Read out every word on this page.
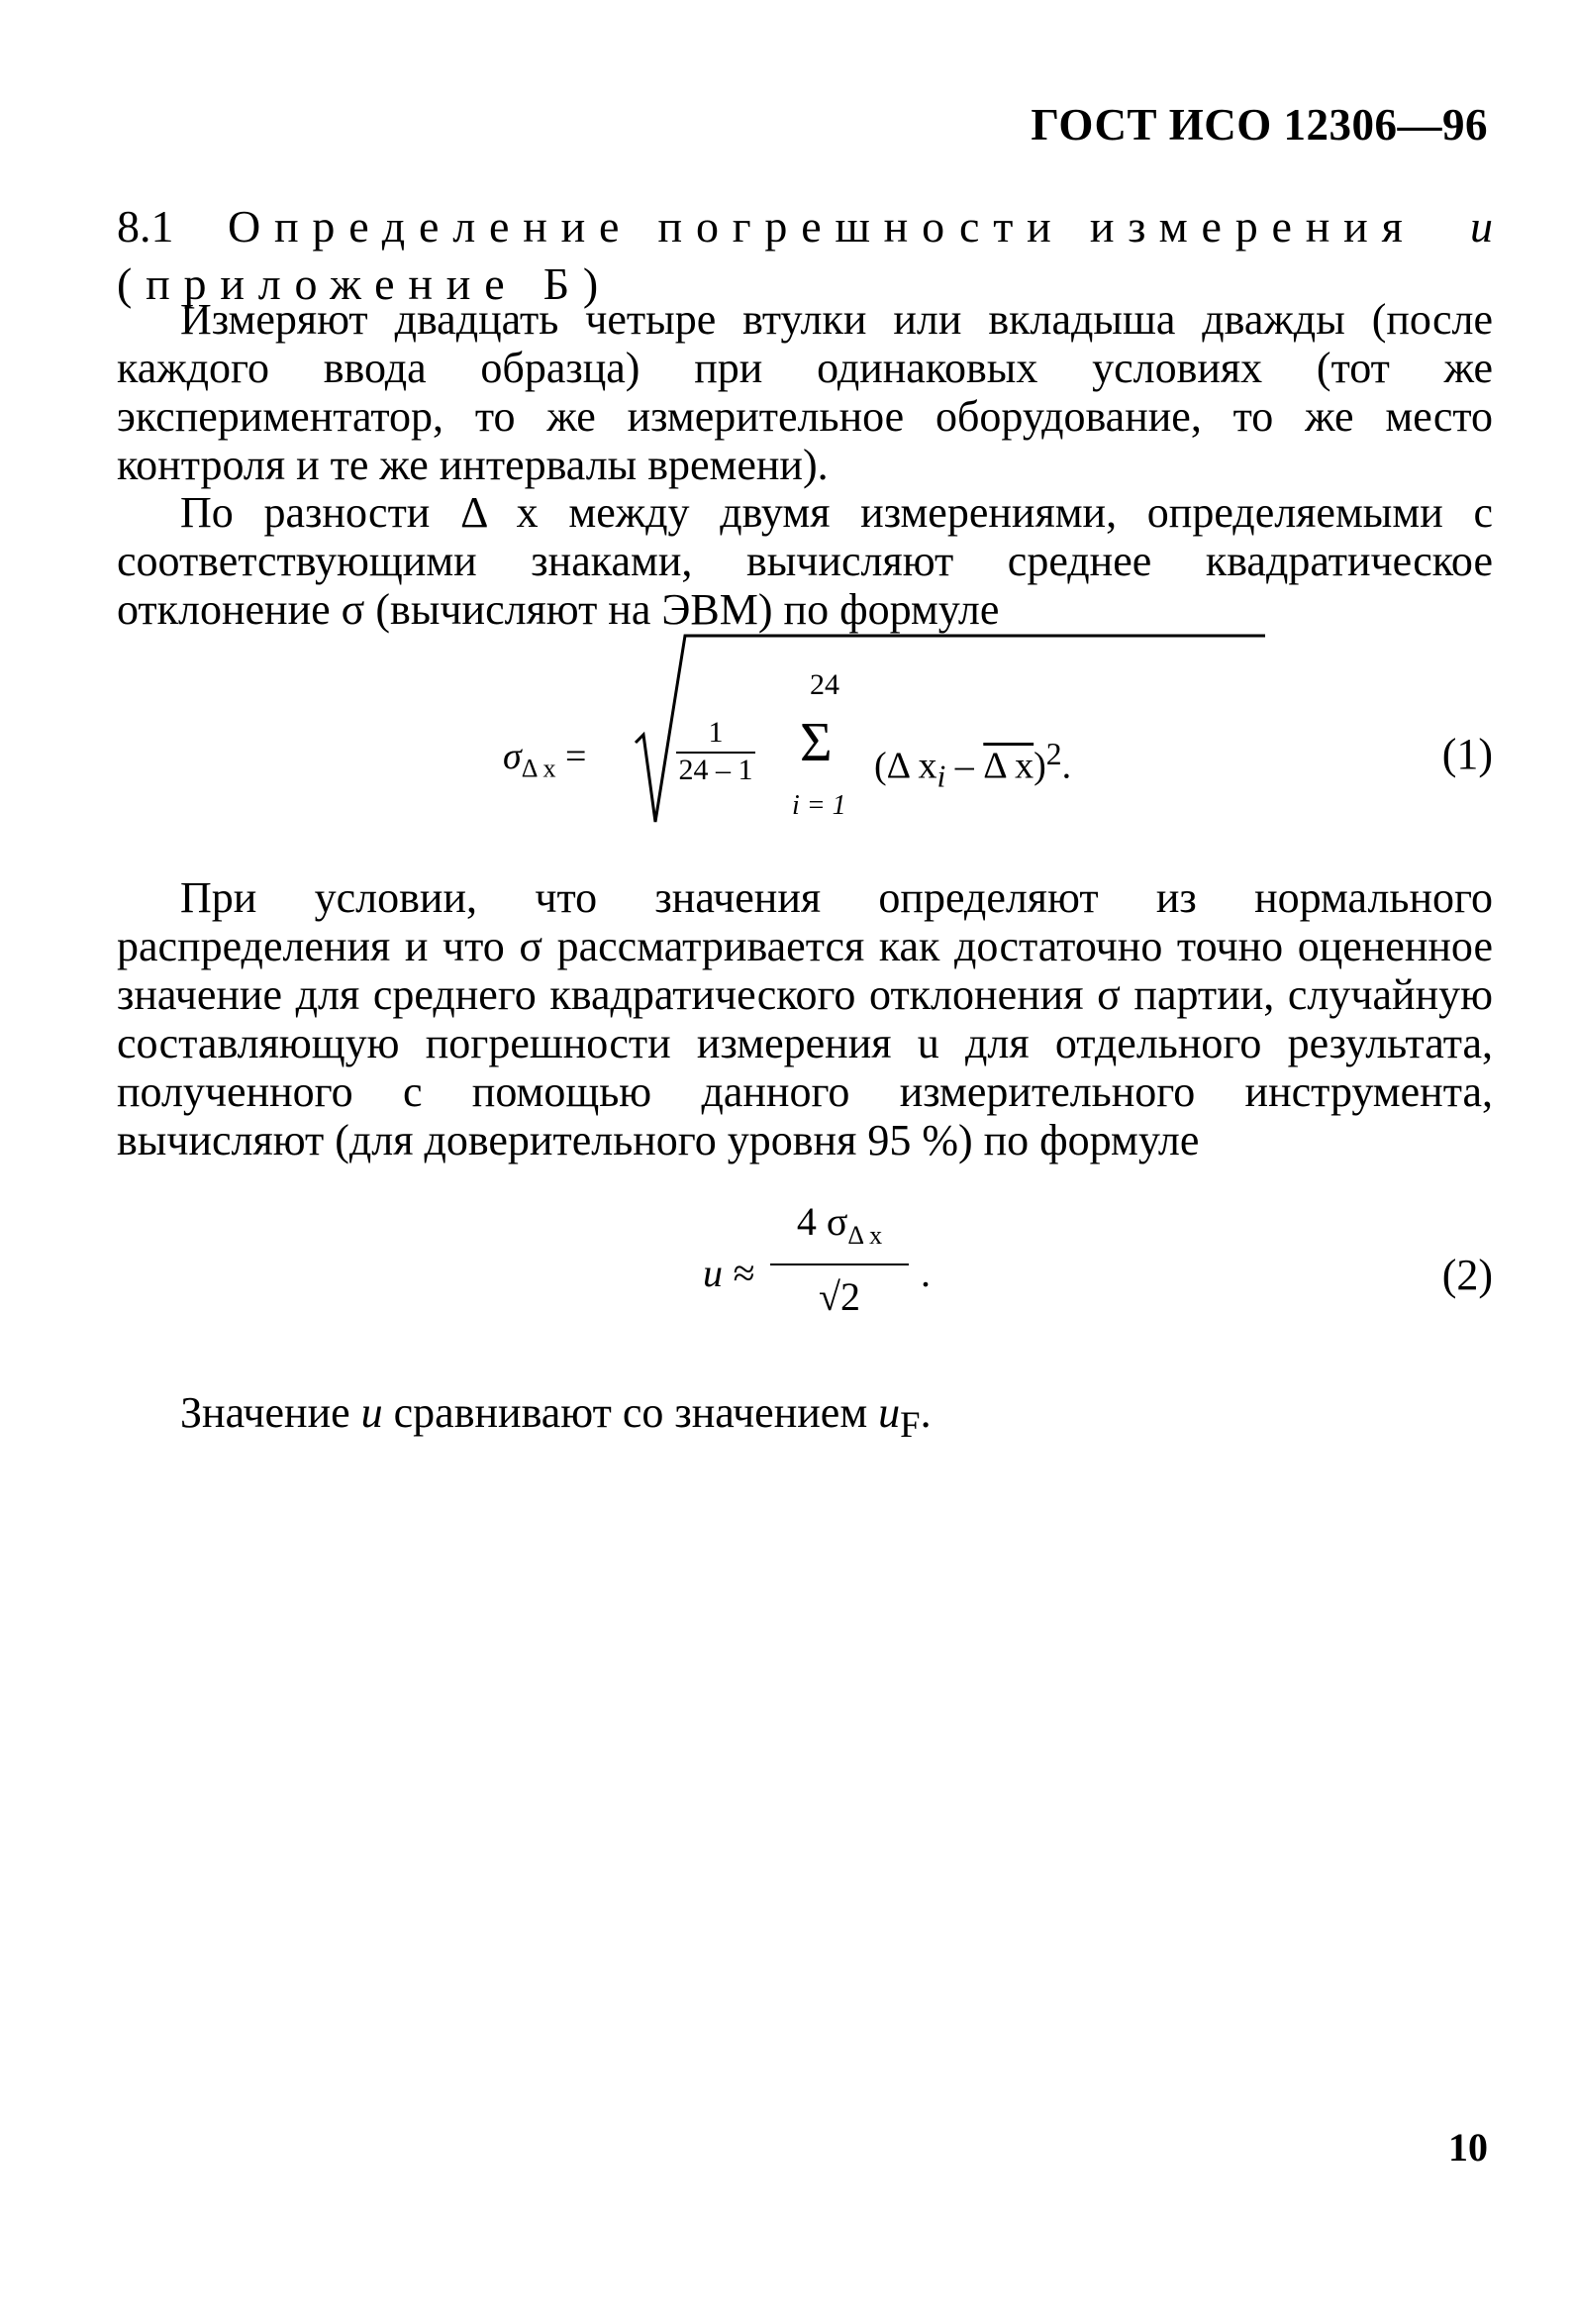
ГОСТ ИСО 12306—96
8.1 Определение погрешности измерения u
(приложение Б)
Измеряют двадцать четыре втулки или вкладыша дважды (после каждого ввода образца) при одинаковых условиях (тот же экспериментатор, то же измерительное оборудование, то же место контроля и те же интервалы времени).
По разности Δ x между двумя измерениями, определяемыми с соответствующими знаками, вычисляют среднее квадратическое отклонение σ (вычисляют на ЭВМ) по формуле
$\sigma_{\Delta x}$ =	$\frac{1}{24 - 1}$
24
Σ
i = 1
(Δ $x_i$ – Δ x)$^2$.	(1)
При условии, что значения определяют из нормального распределения и что σ рассматривается как достаточно точно оцененное значение для среднего квадратического отклонения σ партии, случайную составляющую погрешности измерения u для отдельного результата, полученного с помощью данного измерительного инструмента, вычисляют (для доверительного уровня 95 %) по формуле
$u \approx \frac{4 \sigma_{\Delta x}}{√2}$ .	(2)
Значение u сравнивают со значением $u_F$.
10
